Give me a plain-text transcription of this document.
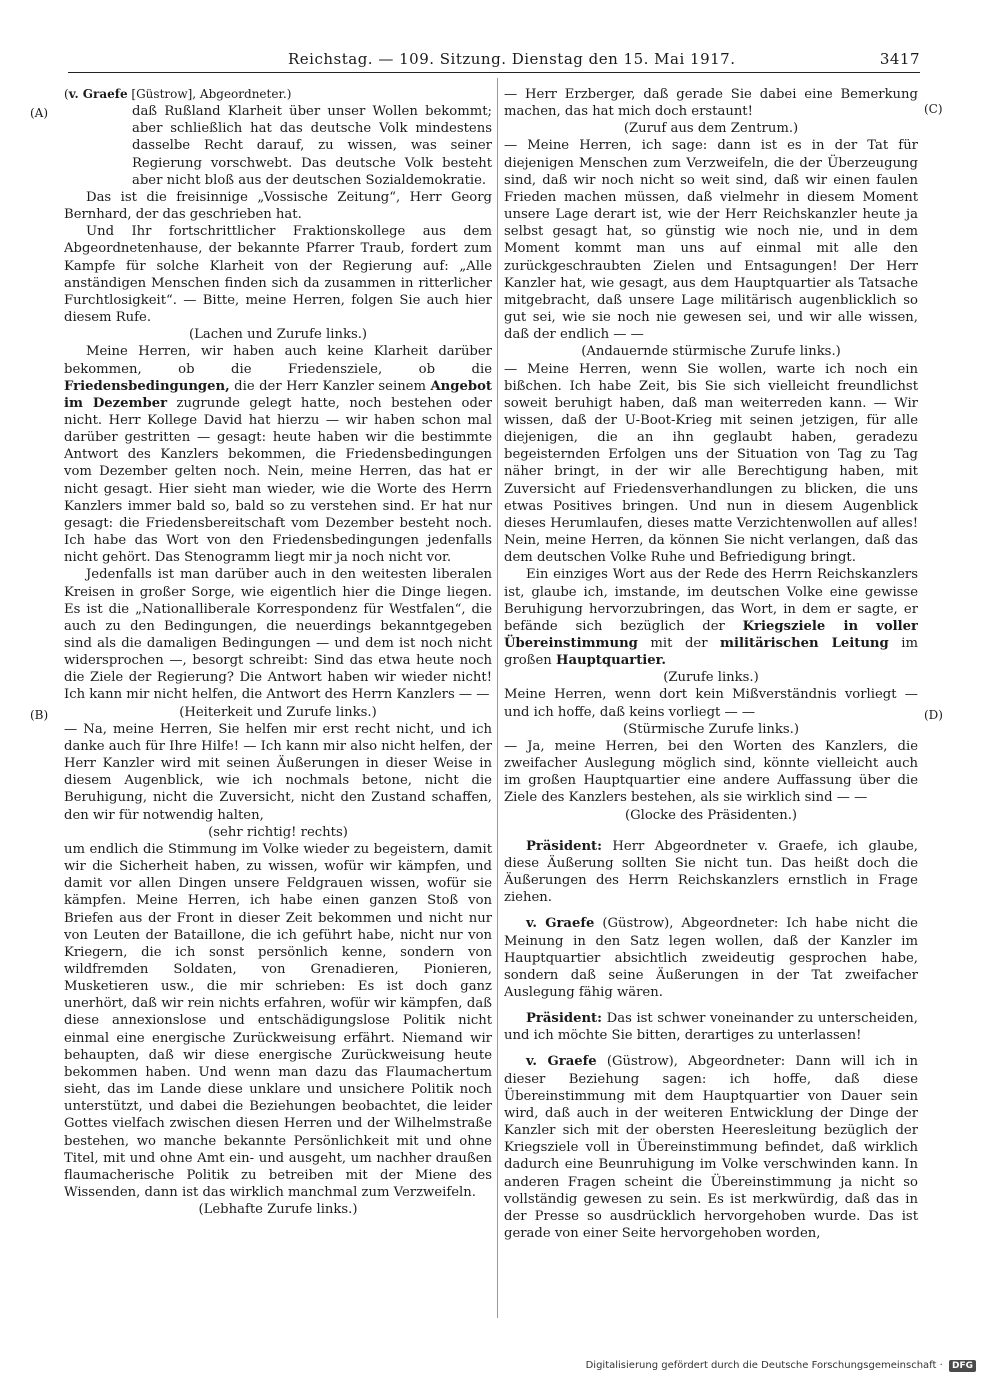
Reichstag. — 109. Sitzung. Dienstag den 15. Mai 1917.	3417
(A)
(B)
(C)
(D)

(v. Graefe [Güstrow], Abgeordneter.)

daß Rußland Klarheit über unser Wollen bekommt; aber schließlich hat das deutsche Volk mindestens dasselbe Recht darauf, zu wissen, was seiner Regierung vorschwebt. Das deutsche Volk besteht aber nicht bloß aus der deutschen Sozialdemokratie.

Das ist die freisinnige „Vossische Zeitung“, Herr Georg Bernhard, der das geschrieben hat.

Und Ihr fortschrittlicher Fraktionskollege aus dem Abgeordnetenhause, der bekannte Pfarrer Traub, fordert zum Kampfe für solche Klarheit von der Regierung auf: „Alle anständigen Menschen finden sich da zusammen in ritterlicher Furchtlosigkeit“. — Bitte, meine Herren, folgen Sie auch hier diesem Rufe.

(Lachen und Zurufe links.)

Meine Herren, wir haben auch keine Klarheit darüber bekommen, ob die Friedensziele, ob die Friedensbedingungen, die der Herr Kanzler seinem Angebot im Dezember zugrunde gelegt hatte, noch bestehen oder nicht. Herr Kollege David hat hierzu — wir haben schon mal darüber gestritten — gesagt: heute haben wir die bestimmte Antwort des Kanzlers bekommen, die Friedensbedingungen vom Dezember gelten noch. Nein, meine Herren, das hat er nicht gesagt. Hier sieht man wieder, wie die Worte des Herrn Kanzlers immer bald so, bald so zu verstehen sind. Er hat nur gesagt: die Friedensbereitschaft vom Dezember besteht noch. Ich habe das Wort von den Friedensbedingungen jedenfalls nicht gehört. Das Stenogramm liegt mir ja noch nicht vor.

Jedenfalls ist man darüber auch in den weitesten liberalen Kreisen in großer Sorge, wie eigentlich hier die Dinge liegen. Es ist die „Nationalliberale Korrespondenz für Westfalen“, die auch zu den Bedingungen, die neuerdings bekanntgegeben sind als die damaligen Bedingungen — und dem ist noch nicht widersprochen —, besorgt schreibt: Sind das etwa heute noch die Ziele der Regierung? Die Antwort haben wir wieder nicht! Ich kann mir nicht helfen, die Antwort des Herrn Kanzlers — —

(Heiterkeit und Zurufe links.)

— Na, meine Herren, Sie helfen mir erst recht nicht, und ich danke auch für Ihre Hilfe! — Ich kann mir also nicht helfen, der Herr Kanzler wird mit seinen Äußerungen in dieser Weise in diesem Augenblick, wie ich nochmals betone, nicht die Beruhigung, nicht die Zuversicht, nicht den Zustand schaffen, den wir für notwendig halten,

(sehr richtig! rechts)

um endlich die Stimmung im Volke wieder zu begeistern, damit wir die Sicherheit haben, zu wissen, wofür wir kämpfen, und damit vor allen Dingen unsere Feldgrauen wissen, wofür sie kämpfen. Meine Herren, ich habe einen ganzen Stoß von Briefen aus der Front in dieser Zeit bekommen und nicht nur von Leuten der Bataillone, die ich geführt habe, nicht nur von Kriegern, die ich sonst persönlich kenne, sondern von wildfremden Soldaten, von Grenadieren, Pionieren, Musketieren usw., die mir schrieben: Es ist doch ganz unerhört, daß wir rein nichts erfahren, wofür wir kämpfen, daß diese annexionslose und entschädigungslose Politik nicht einmal eine energische Zurückweisung erfährt. Niemand wir behaupten, daß wir diese energische Zurückweisung heute bekommen haben. Und wenn man dazu das Flaumachertum sieht, das im Lande diese unklare und unsichere Politik noch unterstützt, und dabei die Beziehungen beobachtet, die leider Gottes vielfach zwischen diesen Herren und der Wilhelmstraße bestehen, wo manche bekannte Persönlichkeit mit und ohne Titel, mit und ohne Amt ein- und ausgeht, um nachher draußen flaumacherische Politik zu betreiben mit der Miene des Wissenden, dann ist das wirklich manchmal zum Verzweifeln.

(Lebhafte Zurufe links.)

— Herr Erzberger, daß gerade Sie dabei eine Bemerkung machen, das hat mich doch erstaunt!

(Zuruf aus dem Zentrum.)

— Meine Herren, ich sage: dann ist es in der Tat für diejenigen Menschen zum Verzweifeln, die der Überzeugung sind, daß wir noch nicht so weit sind, daß wir einen faulen Frieden machen müssen, daß vielmehr in diesem Moment unsere Lage derart ist, wie der Herr Reichskanzler heute ja selbst gesagt hat, so günstig wie noch nie, und in dem Moment kommt man uns auf einmal mit alle den zurückgeschraubten Zielen und Entsagungen! Der Herr Kanzler hat, wie gesagt, aus dem Hauptquartier als Tatsache mitgebracht, daß unsere Lage militärisch augenblicklich so gut sei, wie sie noch nie gewesen sei, und wir alle wissen, daß der endlich — —

(Andauernde stürmische Zurufe links.)

— Meine Herren, wenn Sie wollen, warte ich noch ein bißchen. Ich habe Zeit, bis Sie sich vielleicht freundlichst soweit beruhigt haben, daß man weiterreden kann. — Wir wissen, daß der U-Boot-Krieg mit seinen jetzigen, für alle diejenigen, die an ihn geglaubt haben, geradezu begeisternden Erfolgen uns der Situation von Tag zu Tag näher bringt, in der wir alle Berechtigung haben, mit Zuversicht auf Friedensverhandlungen zu blicken, die uns etwas Positives bringen. Und nun in diesem Augenblick dieses Herumlaufen, dieses matte Verzichtenwollen auf alles! Nein, meine Herren, da können Sie nicht verlangen, daß das dem deutschen Volke Ruhe und Befriedigung bringt.

Ein einziges Wort aus der Rede des Herrn Reichskanzlers ist, glaube ich, imstande, im deutschen Volke eine gewisse Beruhigung hervorzubringen, das Wort, in dem er sagte, er befände sich bezüglich der Kriegsziele in voller Übereinstimmung mit der militärischen Leitung im großen Hauptquartier.

(Zurufe links.)

Meine Herren, wenn dort kein Mißverständnis vorliegt — und ich hoffe, daß keins vorliegt — —

(Stürmische Zurufe links.)

— Ja, meine Herren, bei den Worten des Kanzlers, die zweifacher Auslegung möglich sind, könnte vielleicht auch im großen Hauptquartier eine andere Auffassung über die Ziele des Kanzlers bestehen, als sie wirklich sind — —

(Glocke des Präsidenten.)

Präsident: Herr Abgeordneter v. Graefe, ich glaube, diese Äußerung sollten Sie nicht tun. Das heißt doch die Äußerungen des Herrn Reichskanzlers ernstlich in Frage ziehen.

v. Graefe (Güstrow), Abgeordneter: Ich habe nicht die Meinung in den Satz legen wollen, daß der Kanzler im Hauptquartier absichtlich zweideutig gesprochen habe, sondern daß seine Äußerungen in der Tat zweifacher Auslegung fähig wären.

Präsident: Das ist schwer voneinander zu unterscheiden, und ich möchte Sie bitten, derartiges zu unterlassen!

v. Graefe (Güstrow), Abgeordneter: Dann will ich in dieser Beziehung sagen: ich hoffe, daß diese Übereinstimmung mit dem Hauptquartier von Dauer sein wird, daß auch in der weiteren Entwicklung der Dinge der Kanzler sich mit der obersten Heeresleitung bezüglich der Kriegsziele voll in Übereinstimmung befindet, daß wirklich dadurch eine Beunruhigung im Volke verschwinden kann. In anderen Fragen scheint die Übereinstimmung ja nicht so vollständig gewesen zu sein. Es ist merkwürdig, daß das in der Presse so ausdrücklich hervorgehoben wurde. Das ist gerade von einer Seite hervorgehoben worden,

Digitalisierung gefördert durch die Deutsche Forschungsgemeinschaft · DFG
